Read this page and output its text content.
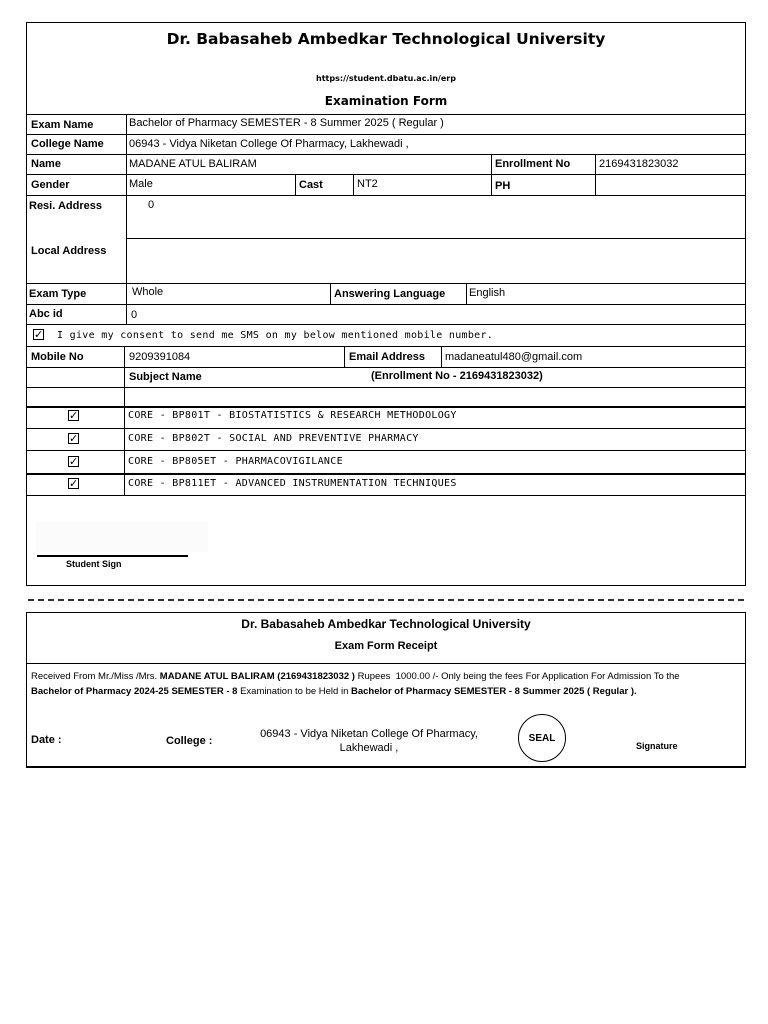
Dr. Babasaheb Ambedkar Technological University
https://student.dbatu.ac.in/erp
Examination Form
Exam Name	Bachelor of Pharmacy SEMESTER - 8 Summer 2025 ( Regular )
College Name 06943 - Vidya Niketan College Of Pharmacy, Lakhewadi ,
Name	MADANE ATUL BALIRAM	Enrollment No	2169431823032
Gender	Male	Cast	NT2	PH
Resi. Address	0
Local Address
Exam Type	Whole	Answering Language English
Abc id	0
✓ I give my consent to send me SMS on my below mentioned mobile number.
Mobile No	9209391084	Email Address madaneatul480@gmail.com
Subject Name	(Enrollment No - 2169431823032)
✓	CORE - BP801T - BIOSTATISTICS & RESEARCH METHODOLOGY
✓	CORE - BP802T - SOCIAL AND PREVENTIVE PHARMACY
✓	CORE - BP805ET - PHARMACOVIGILANCE
✓	CORE - BP811ET - ADVANCED INSTRUMENTATION TECHNIQUES
Student Sign
Dr. Babasaheb Ambedkar Technological University
Exam Form Receipt
Received From Mr./Miss /Mrs. MADANE ATUL BALIRAM (2169431823032 ) Rupees 1000.00 /- Only being the fees For Application For Admission To the
Bachelor of Pharmacy 2024-25 SEMESTER - 8 Examination to be Held in Bachelor of Pharmacy SEMESTER - 8 Summer 2025 ( Regular ).
Date :	College :
06943 - Vidya Niketan College Of Pharmacy,
Lakhewadi ,
SEAL
Signature
